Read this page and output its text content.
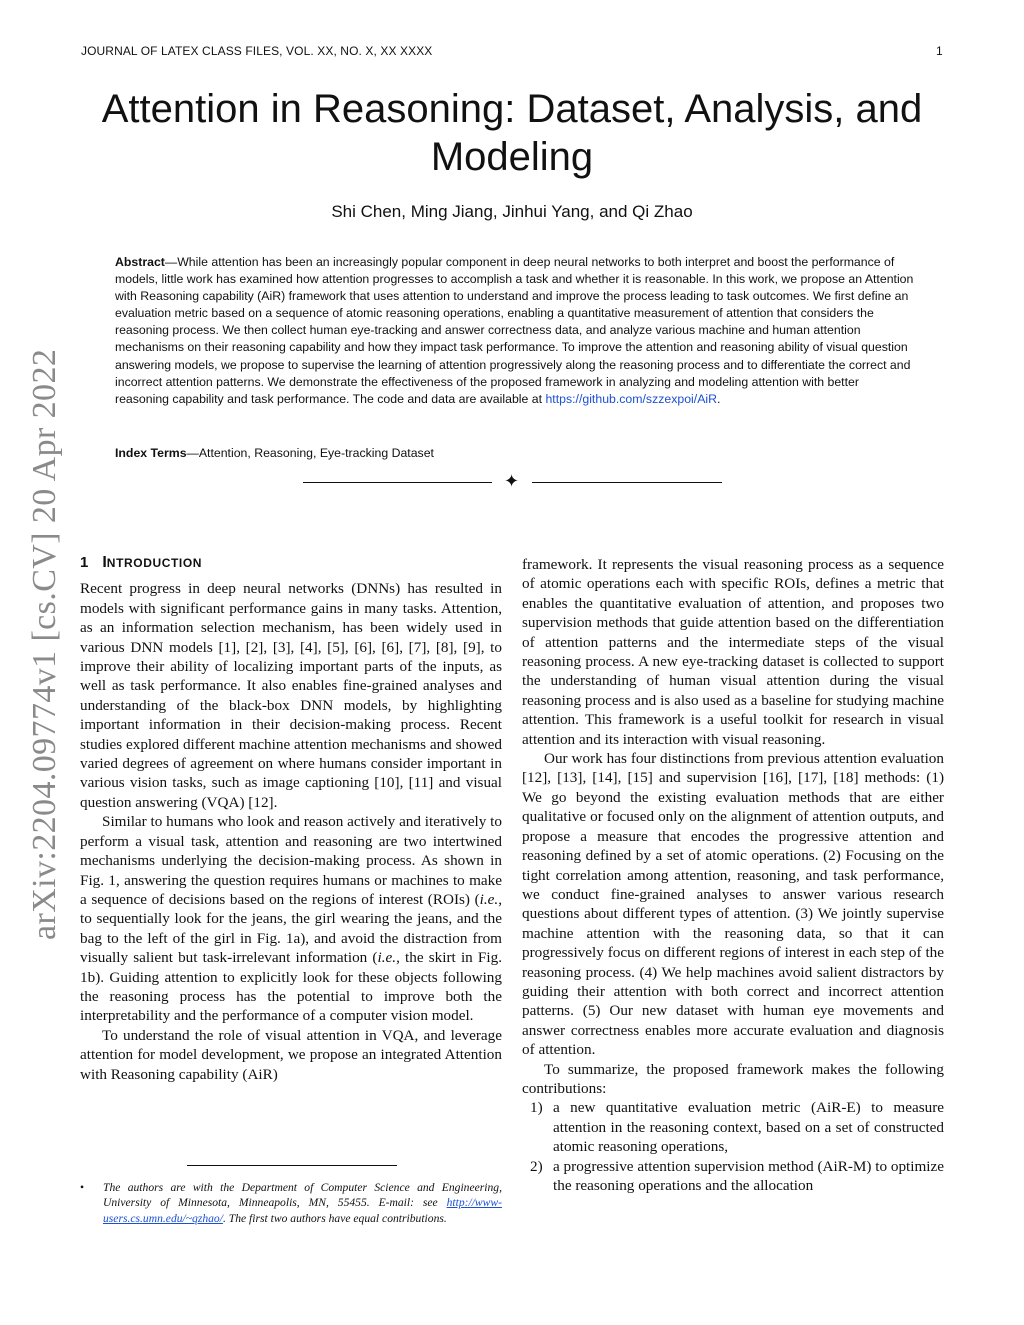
JOURNAL OF LATEX CLASS FILES, VOL. XX, NO. X, XX XXXX	1
Attention in Reasoning: Dataset, Analysis, and Modeling
Shi Chen, Ming Jiang, Jinhui Yang, and Qi Zhao
Abstract—While attention has been an increasingly popular component in deep neural networks to both interpret and boost the performance of models, little work has examined how attention progresses to accomplish a task and whether it is reasonable. In this work, we propose an Attention with Reasoning capability (AiR) framework that uses attention to understand and improve the process leading to task outcomes. We first define an evaluation metric based on a sequence of atomic reasoning operations, enabling a quantitative measurement of attention that considers the reasoning process. We then collect human eye-tracking and answer correctness data, and analyze various machine and human attention mechanisms on their reasoning capability and how they impact task performance. To improve the attention and reasoning ability of visual question answering models, we propose to supervise the learning of attention progressively along the reasoning process and to differentiate the correct and incorrect attention patterns. We demonstrate the effectiveness of the proposed framework in analyzing and modeling attention with better reasoning capability and task performance. The code and data are available at https://github.com/szzexpoi/AiR.
Index Terms—Attention, Reasoning, Eye-tracking Dataset
✦
arXiv:2204.09774v1 [cs.CV] 20 Apr 2022 1 INTRODUCTION

Recent progress in deep neural networks (DNNs) has resulted in models with significant performance gains in many tasks. Attention, as an information selection mechanism, has been widely used in various DNN models [1], [2], [3], [4], [5], [6], [6], [7], [8], [9], to improve their ability of localizing important parts of the inputs, as well as task performance. It also enables fine-grained analyses and understanding of the black-box DNN models, by highlighting important information in their decision-making process. Recent studies explored different machine attention mechanisms and showed varied degrees of agreement on where humans consider important in various vision tasks, such as image captioning [10], [11] and visual question answering (VQA) [12].

Similar to humans who look and reason actively and iteratively to perform a visual task, attention and reasoning are two intertwined mechanisms underlying the decision-making process. As shown in Fig. 1, answering the question requires humans or machines to make a sequence of decisions based on the regions of interest (ROIs) (i.e., to sequentially look for the jeans, the girl wearing the jeans, and the bag to the left of the girl in Fig. 1a), and avoid the distraction from visually salient but task-irrelevant information (i.e., the skirt in Fig. 1b). Guiding attention to explicitly look for these objects following the reasoning process has the potential to improve both the interpretability and the performance of a computer vision model.

To understand the role of visual attention in VQA, and leverage attention for model development, we propose an integrated Attention with Reasoning capability (AiR)

• The authors are with the Department of Computer Science and Engineering, University of Minnesota, Minneapolis, MN, 55455. E-mail: see http://www-users.cs.umn.edu/~qzhao/. The first two authors have equal contributions.

framework. It represents the visual reasoning process as a sequence of atomic operations each with specific ROIs, defines a metric that enables the quantitative evaluation of attention, and proposes two supervision methods that guide attention based on the differentiation of attention patterns and the intermediate steps of the visual reasoning process. A new eye-tracking dataset is collected to support the understanding of human visual attention during the visual reasoning process and is also used as a baseline for studying machine attention. This framework is a useful toolkit for research in visual attention and its interaction with visual reasoning.

Our work has four distinctions from previous attention evaluation [12], [13], [14], [15] and supervision [16], [17], [18] methods: (1) We go beyond the existing evaluation methods that are either qualitative or focused only on the alignment of attention outputs, and propose a measure that encodes the progressive attention and reasoning defined by a set of atomic operations. (2) Focusing on the tight correlation among attention, reasoning, and task performance, we conduct fine-grained analyses to answer various research questions about different types of attention. (3) We jointly supervise machine attention with the reasoning data, so that it can progressively focus on different regions of interest in each step of the reasoning process. (4) We help machines avoid salient distractors by guiding their attention with both correct and incorrect attention patterns. (5) Our new dataset with human eye movements and answer correctness enables more accurate evaluation and diagnosis of attention.

To summarize, the proposed framework makes the following contributions:

1) a new quantitative evaluation metric (AiR-E) to measure attention in the reasoning context, based on a set of constructed atomic reasoning operations,
2) a progressive attention supervision method (AiR-M) to optimize the reasoning operations and the allocation
